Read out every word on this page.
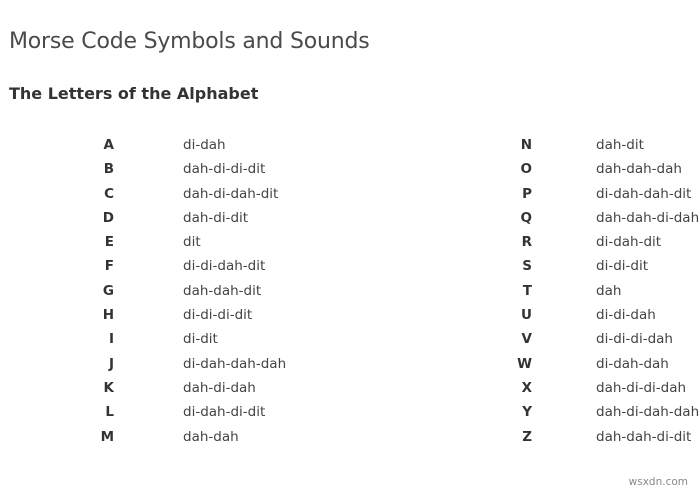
Morse Code Symbols and Sounds
The Letters of the Alphabet
A	di-dah	N	dah-dit
B	dah-di-di-dit	O	dah-dah-dah
C	dah-di-dah-dit	P	di-dah-dah-dit
D	dah-di-dit	Q	dah-dah-di-dah
E	dit	R	di-dah-dit
F	di-di-dah-dit	S	di-di-dit
G	dah-dah-dit	T	dah
H	di-di-di-dit	U	di-di-dah
I	di-dit	V	di-di-di-dah
J	di-dah-dah-dah	W	di-dah-dah
K	dah-di-dah	X	dah-di-di-dah
L	di-dah-di-dit	Y	dah-di-dah-dah
M	dah-dah	Z	dah-dah-di-dit
wsxdn.com
